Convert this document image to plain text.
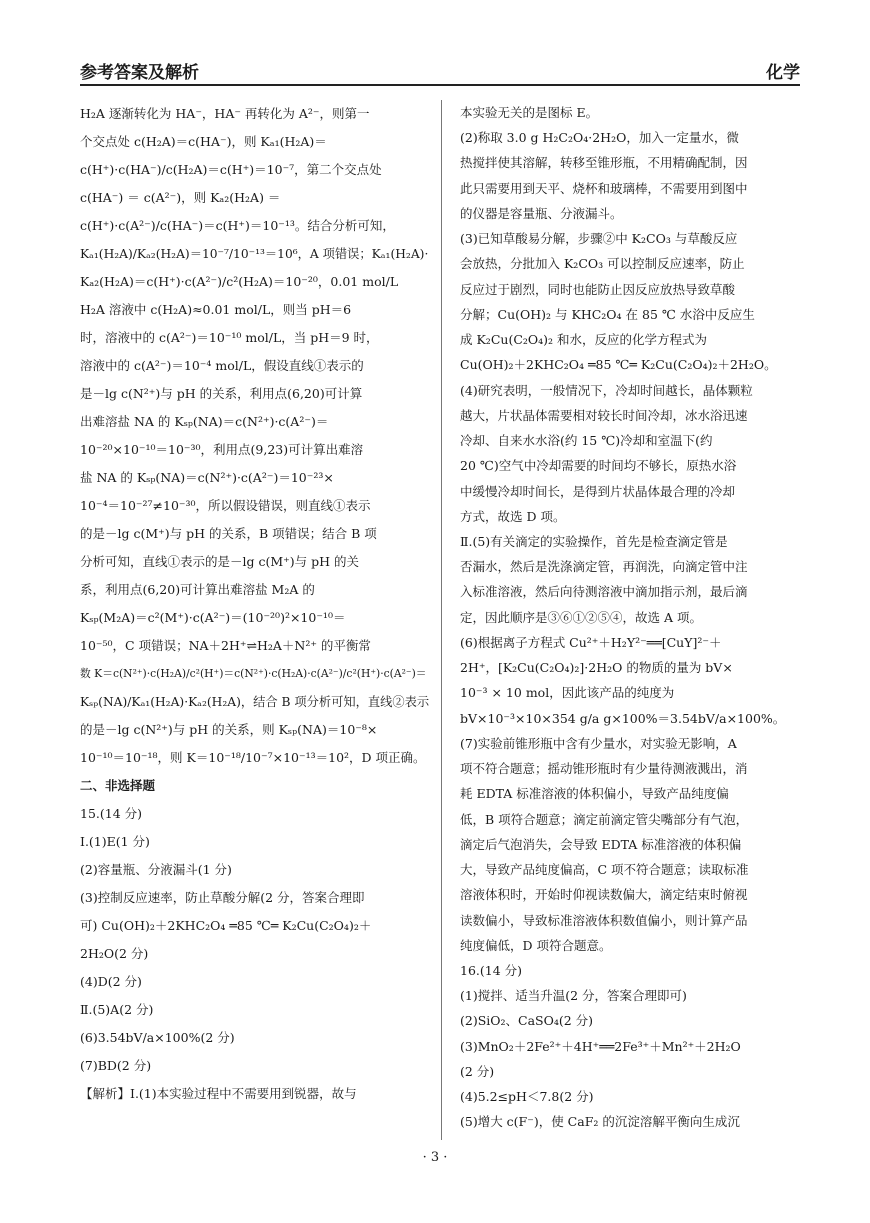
参考答案及解析	化学
H₂A 逐渐转化为 HA⁻，HA⁻ 再转化为 A²⁻，则第一
个交点处 c(H₂A)＝c(HA⁻)，则 Kₐ₁(H₂A)＝
c(H⁺)·c(HA⁻)/c(H₂A)＝c(H⁺)＝10⁻⁷，第二个交点处
c(HA⁻) ＝ c(A²⁻)，则 Kₐ₂(H₂A) ＝
c(H⁺)·c(A²⁻)/c(HA⁻)＝c(H⁺)＝10⁻¹³。结合分析可知，
Kₐ₁(H₂A)/Kₐ₂(H₂A)＝10⁻⁷/10⁻¹³＝10⁶，A 项错误；Kₐ₁(H₂A)·
Kₐ₂(H₂A)＝c(H⁺)·c(A²⁻)/c²(H₂A)＝10⁻²⁰，0.01 mol/L
H₂A 溶液中 c(H₂A)≈0.01 mol/L，则当 pH＝6
时，溶液中的 c(A²⁻)＝10⁻¹⁰ mol/L，当 pH＝9 时，
溶液中的 c(A²⁻)＝10⁻⁴ mol/L，假设直线①表示的
是－lg c(N²⁺)与 pH 的关系，利用点(6,20)可计算
出难溶盐 NA 的 Kₛₚ(NA)＝c(N²⁺)·c(A²⁻)＝
10⁻²⁰×10⁻¹⁰＝10⁻³⁰，利用点(9,23)可计算出难溶
盐 NA 的 Kₛₚ(NA)＝c(N²⁺)·c(A²⁻)＝10⁻²³×
10⁻⁴＝10⁻²⁷≠10⁻³⁰，所以假设错误，则直线①表示
的是－lg c(M⁺)与 pH 的关系，B 项错误；结合 B 项
分析可知，直线①表示的是－lg c(M⁺)与 pH 的关
系，利用点(6,20)可计算出难溶盐 M₂A 的
Kₛₚ(M₂A)＝c²(M⁺)·c(A²⁻)＝(10⁻²⁰)²×10⁻¹⁰＝
10⁻⁵⁰，C 项错误；NA＋2H⁺⇌H₂A＋N²⁺ 的平衡常
数 K＝c(N²⁺)·c(H₂A)/c²(H⁺)＝c(N²⁺)·c(H₂A)·c(A²⁻)/c²(H⁺)·c(A²⁻)＝
Kₛₚ(NA)/Kₐ₁(H₂A)·Kₐ₂(H₂A)，结合 B 项分析可知，直线②表示
的是－lg c(N²⁺)与 pH 的关系，则 Kₛₚ(NA)＝10⁻⁸×
10⁻¹⁰＝10⁻¹⁸，则 K＝10⁻¹⁸/10⁻⁷×10⁻¹³＝10²，D 项正确。
二、非选择题
15.(14 分)
Ⅰ.(1)E(1 分)
(2)容量瓶、分液漏斗(1 分)
(3)控制反应速率，防止草酸分解(2 分，答案合理即
可) Cu(OH)₂＋2KHC₂O₄ ═85 ℃═ K₂Cu(C₂O₄)₂＋
2H₂O(2 分)
(4)D(2 分)
Ⅱ.(5)A(2 分)
(6)3.54bV/a×100%(2 分)
(7)BD(2 分)
【解析】Ⅰ.(1)本实验过程中不需要用到锐器，故与
本实验无关的是图标 E。
(2)称取 3.0 g H₂C₂O₄·2H₂O，加入一定量水，微
热搅拌使其溶解，转移至锥形瓶，不用精确配制，因
此只需要用到天平、烧杯和玻璃棒，不需要用到图中
的仪器是容量瓶、分液漏斗。
(3)已知草酸易分解，步骤②中 K₂CO₃ 与草酸反应
会放热，分批加入 K₂CO₃ 可以控制反应速率，防止
反应过于剧烈，同时也能防止因反应放热导致草酸
分解；Cu(OH)₂ 与 KHC₂O₄ 在 85 ℃ 水浴中反应生
成 K₂Cu(C₂O₄)₂ 和水，反应的化学方程式为
Cu(OH)₂＋2KHC₂O₄ ═85 ℃═ K₂Cu(C₂O₄)₂＋2H₂O。
(4)研究表明，一般情况下，冷却时间越长，晶体颗粒
越大，片状晶体需要相对较长时间冷却，冰水浴迅速
冷却、自来水水浴(约 15 ℃)冷却和室温下(约
20 ℃)空气中冷却需要的时间均不够长，原热水浴
中缓慢冷却时间长，是得到片状晶体最合理的冷却
方式，故选 D 项。
Ⅱ.(5)有关滴定的实验操作，首先是检查滴定管是
否漏水，然后是洗涤滴定管，再润洗，向滴定管中注
入标准溶液，然后向待测溶液中滴加指示剂，最后滴
定，因此顺序是③⑥①②⑤④，故选 A 项。
(6)根据离子方程式 Cu²⁺＋H₂Y²⁻══[CuY]²⁻＋
2H⁺，[K₂Cu(C₂O₄)₂]·2H₂O 的物质的量为 bV×
10⁻³ × 10 mol，因此该产品的纯度为
bV×10⁻³×10×354 g/a g×100%＝3.54bV/a×100%。
(7)实验前锥形瓶中含有少量水，对实验无影响，A
项不符合题意；摇动锥形瓶时有少量待测液溅出，消
耗 EDTA 标准溶液的体积偏小，导致产品纯度偏
低，B 项符合题意；滴定前滴定管尖嘴部分有气泡，
滴定后气泡消失，会导致 EDTA 标准溶液的体积偏
大，导致产品纯度偏高，C 项不符合题意；读取标准
溶液体积时，开始时仰视读数偏大，滴定结束时俯视
读数偏小，导致标准溶液体积数值偏小，则计算产品
纯度偏低，D 项符合题意。
16.(14 分)
(1)搅拌、适当升温(2 分，答案合理即可)
(2)SiO₂、CaSO₄(2 分)
(3)MnO₂＋2Fe²⁺＋4H⁺══2Fe³⁺＋Mn²⁺＋2H₂O
(2 分)
(4)5.2≤pH＜7.8(2 分)
(5)增大 c(F⁻)，使 CaF₂ 的沉淀溶解平衡向生成沉
· 3 ·
